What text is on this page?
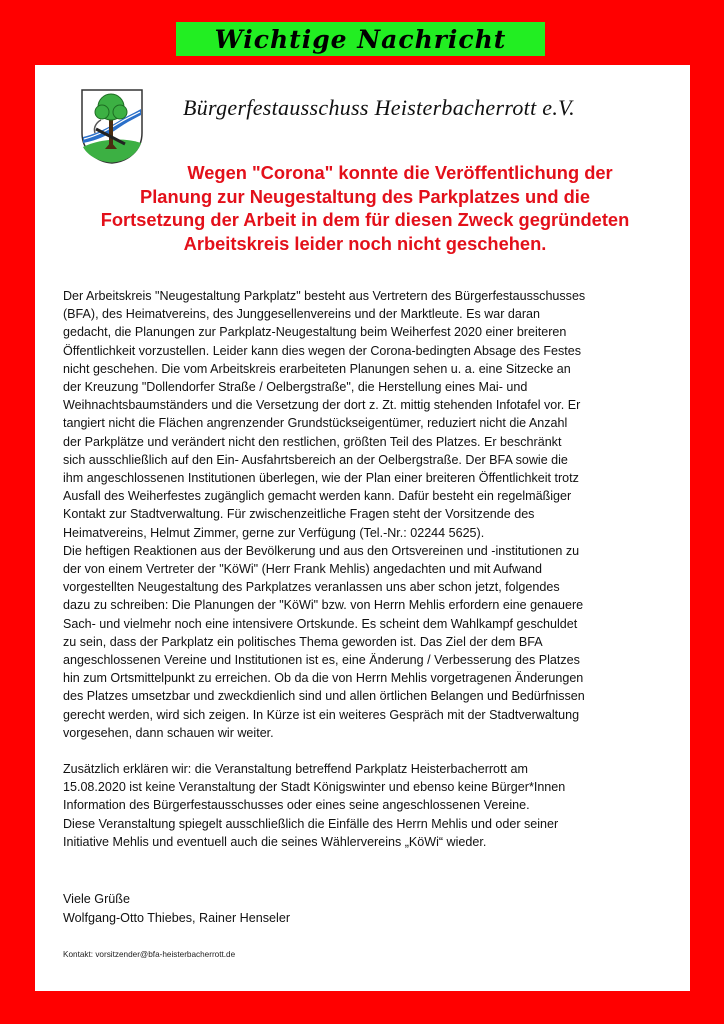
Wichtige Nachricht
Bürgerfestausschuss Heisterbacherrott e.V.
Wegen "Corona" konnte die Veröffentlichung der
Planung zur Neugestaltung des Parkplatzes und die
Fortsetzung der Arbeit in dem für diesen Zweck gegründeten
Arbeitskreis leider noch nicht geschehen.
Der Arbeitskreis "Neugestaltung Parkplatz" besteht aus Vertretern des Bürgerfestausschusses
(BFA), des Heimatvereins, des Junggesellenvereins und der Marktleute. Es war daran
gedacht, die Planungen zur Parkplatz-Neugestaltung beim Weiherfest 2020 einer breiteren
Öffentlichkeit vorzustellen. Leider kann dies wegen der Corona-bedingten Absage des Festes
nicht geschehen. Die vom Arbeitskreis erarbeiteten Planungen sehen u. a. eine Sitzecke an
der Kreuzung "Dollendorfer Straße / Oelbergstraße", die Herstellung eines Mai- und
Weihnachtsbaumständers und die Versetzung der dort z. Zt. mittig stehenden Infotafel vor. Er
tangiert nicht die Flächen angrenzender Grundstückseigentümer, reduziert nicht die Anzahl
der Parkplätze und verändert nicht den restlichen, größten Teil des Platzes. Er beschränkt
sich ausschließlich auf den Ein- Ausfahrtsbereich an der Oelbergstraße. Der BFA sowie die
ihm angeschlossenen Institutionen überlegen, wie der Plan einer breiteren Öffentlichkeit trotz
Ausfall des Weiherfestes zugänglich gemacht werden kann. Dafür besteht ein regelmäßiger
Kontakt zur Stadtverwaltung. Für zwischenzeitliche Fragen steht der Vorsitzende des
Heimatvereins, Helmut Zimmer, gerne zur Verfügung (Tel.-Nr.: 02244 5625).
Die heftigen Reaktionen aus der Bevölkerung und aus den Ortsvereinen und -institutionen zu
der von einem Vertreter der "KöWi" (Herr Frank Mehlis) angedachten und mit Aufwand
vorgestellten Neugestaltung des Parkplatzes veranlassen uns aber schon jetzt, folgendes
dazu zu schreiben: Die Planungen der "KöWi" bzw. von Herrn Mehlis erfordern eine genauere
Sach- und vielmehr noch eine intensivere Ortskunde. Es scheint dem Wahlkampf geschuldet
zu sein, dass der Parkplatz ein politisches Thema geworden ist. Das Ziel der dem BFA
angeschlossenen Vereine und Institutionen ist es, eine Änderung / Verbesserung des Platzes
hin zum Ortsmittelpunkt zu erreichen. Ob da die von Herrn Mehlis vorgetragenen Änderungen
des Platzes umsetzbar und zweckdienlich sind und allen örtlichen Belangen und Bedürfnissen
gerecht werden, wird sich zeigen. In Kürze ist ein weiteres Gespräch mit der Stadtverwaltung
vorgesehen, dann schauen wir weiter.
Zusätzlich erklären wir: die Veranstaltung betreffend Parkplatz Heisterbacherrott am
15.08.2020 ist keine Veranstaltung der Stadt Königswinter und ebenso keine Bürger*Innen
Information des Bürgerfestausschusses oder eines seine angeschlossenen Vereine.
Diese Veranstaltung spiegelt ausschließlich die Einfälle des Herrn Mehlis und oder seiner
Initiative Mehlis und eventuell auch die seines Wählervereins „KöWi“ wieder.
Viele Grüße
Wolfgang-Otto Thiebes, Rainer Henseler
Kontakt: vorsitzender@bfa-heisterbacherrott.de
